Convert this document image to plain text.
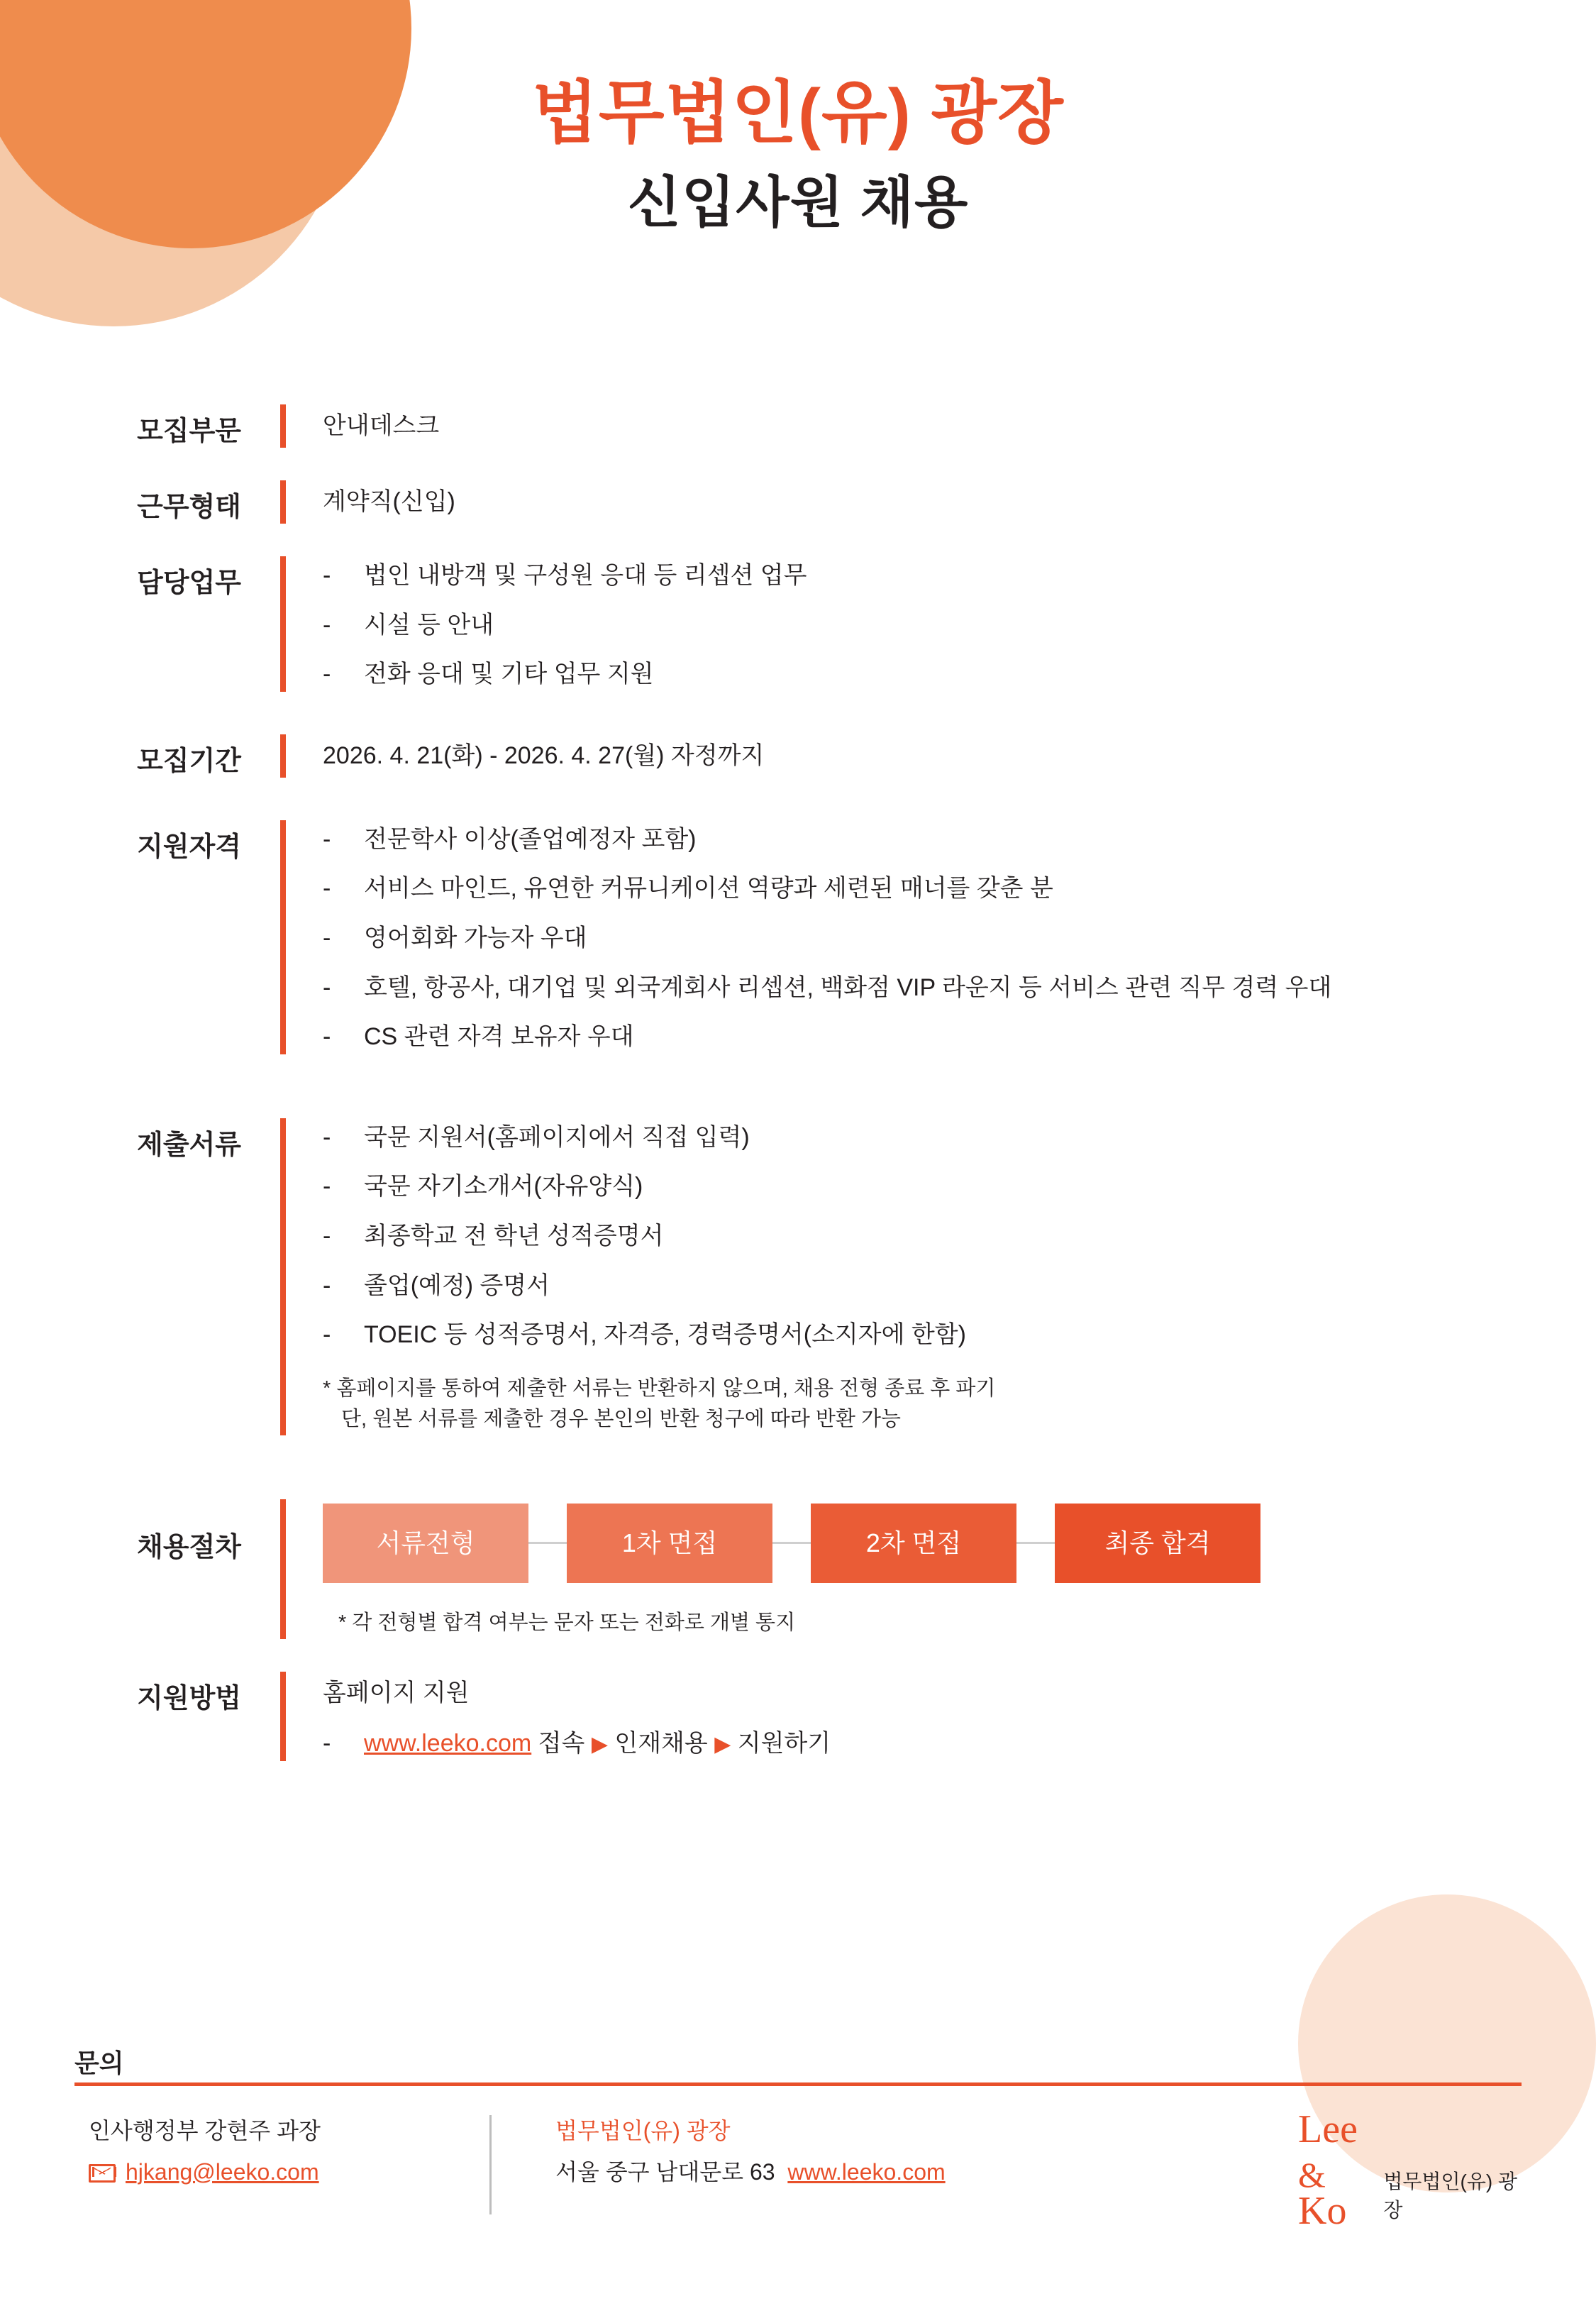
법무법인(유) 광장
신입사원 채용
모집부문	안내데스크
근무형태	계약직(신입)
담당업무	- 법인 내방객 및 구성원 응대 등 리셉션 업무
- 시설 등 안내
- 전화 응대 및 기타 업무 지원
모집기간	2026. 4. 21(화) - 2026. 4. 27(월) 자정까지
지원자격	- 전문학사 이상(졸업예정자 포함)
- 서비스 마인드, 유연한 커뮤니케이션 역량과 세련된 매너를 갖춘 분
- 영어회화 가능자 우대
- 호텔, 항공사, 대기업 및 외국계회사 리셉션, 백화점 VIP 라운지 등 서비스 관련 직무 경력 우대
- CS 관련 자격 보유자 우대
제출서류	- 국문 지원서(홈페이지에서 직접 입력)
- 국문 자기소개서(자유양식)
- 최종학교 전 학년 성적증명서
- 졸업(예정) 증명서
- TOEIC 등 성적증명서, 자격증, 경력증명서(소지자에 한함)
* 홈페이지를 통하여 제출한 서류는 반환하지 않으며, 채용 전형 종료 후 파기
단, 원본 서류를 제출한 경우 본인의 반환 청구에 따라 반환 가능
채용절차	서류전형	1차 면접	2차 면접	최종 합격
* 각 전형별 합격 여부는 문자 또는 전화로 개별 통지
지원방법	홈페이지 지원
- www.leeko.com 접속 ▶ 인재채용 ▶ 지원하기
문의
인사행정부 강현주 과장
hjkang@leeko.com
법무법인(유) 광장
서울 중구 남대문로 63 www.leeko.com
Lee
&Ko
법무법인(유) 광장
